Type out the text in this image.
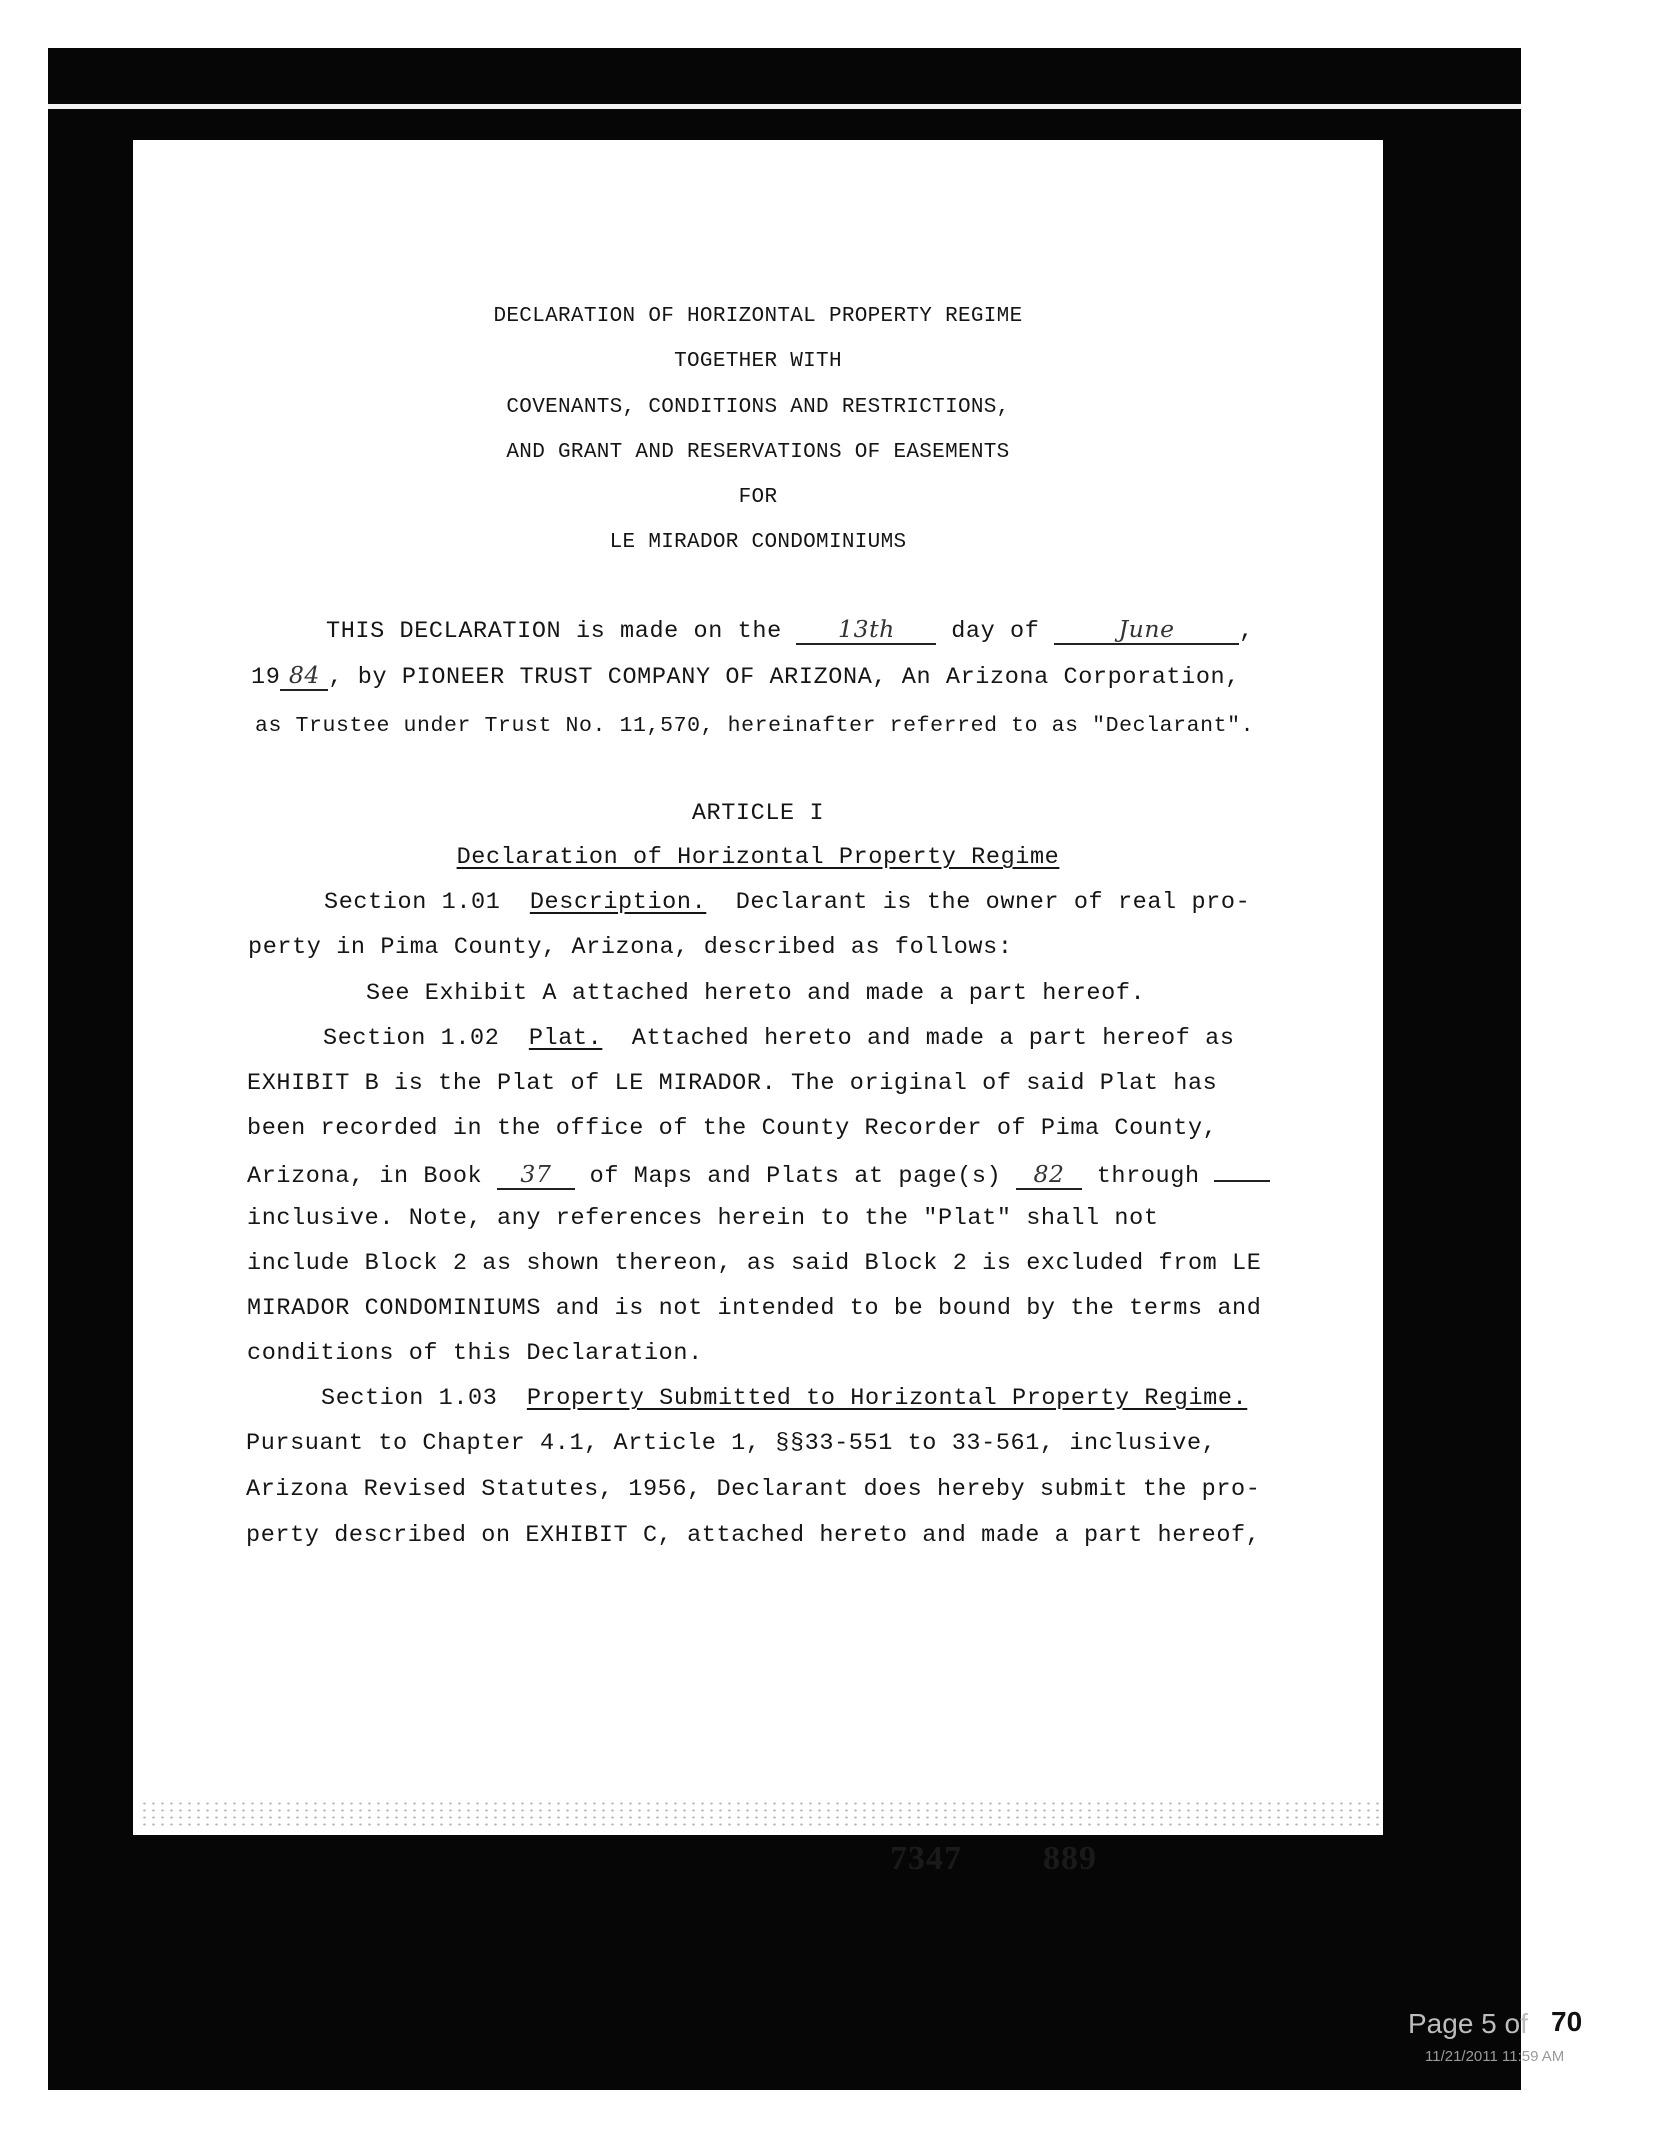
DECLARATION OF HORIZONTAL PROPERTY REGIME
TOGETHER WITH
COVENANTS, CONDITIONS AND RESTRICTIONS,
AND GRANT AND RESERVATIONS OF EASEMENTS
FOR
LE MIRADOR CONDOMINIUMS
THIS DECLARATION is made on the 13th day of	June	,
19 84 , by PIONEER TRUST COMPANY OF ARIZONA, An Arizona Corporation,
as Trustee under Trust No. 11,570, hereinafter referred to as "Declarant".
ARTICLE I
Declaration of Horizontal Property Regime
Section 1.01 Description. Declarant is the owner of real pro-
perty in Pima County, Arizona, described as follows:
See Exhibit A attached hereto and made a part hereof.
Section 1.02 Plat. Attached hereto and made a part hereof as
EXHIBIT B is the Plat of LE MIRADOR. The original of said Plat has
been recorded in the office of the County Recorder of Pima County,
Arizona, in Book 37 of Maps and Plats at page(s) 82 through
inclusive. Note, any references herein to the "Plat" shall not
include Block 2 as shown thereon, as said Block 2 is excluded from LE
MIRADOR CONDOMINIUMS and is not intended to be bound by the terms and
conditions of this Declaration.
Section 1.03 Property Submitted to Horizontal Property Regime.
Pursuant to Chapter 4.1, Article 1, §§33-551 to 33-561, inclusive,
Arizona Revised Statutes, 1956, Declarant does hereby submit the pro-
perty described on EXHIBIT C, attached hereto and made a part hereof,
7347 889
Page 5 of 70
11/21/2011 11:59 AM
